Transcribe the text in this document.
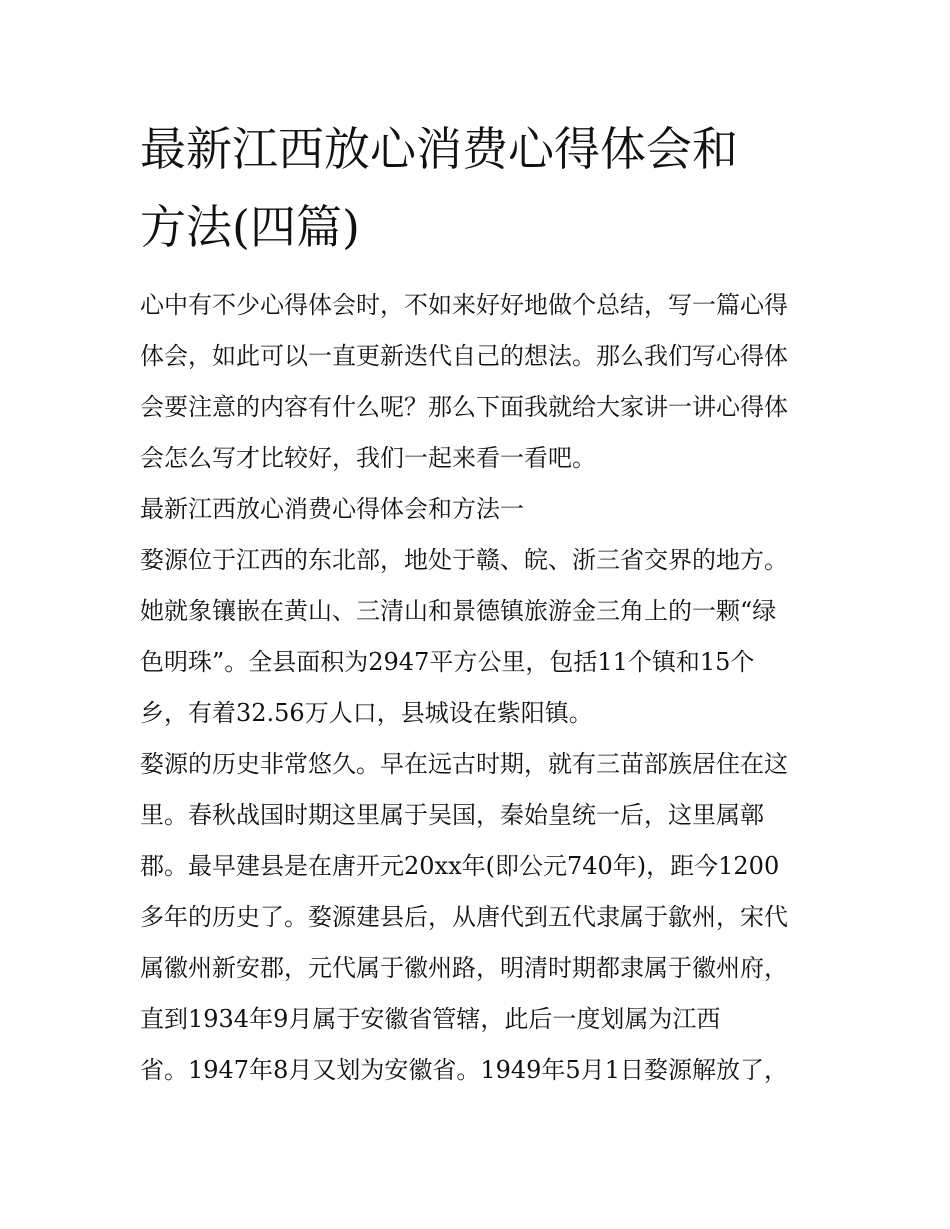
最新江西放心消费心得体会和
方法(四篇)
心中有不少心得体会时，不如来好好地做个总结，写一篇心得
体会，如此可以一直更新迭代自己的想法。那么我们写心得体
会要注意的内容有什么呢？那么下面我就给大家讲一讲心得体
会怎么写才比较好，我们一起来看一看吧。
最新江西放心消费心得体会和方法一
婺源位于江西的东北部，地处于赣、皖、浙三省交界的地方。
她就象镶嵌在黄山、三清山和景德镇旅游金三角上的一颗“绿
色明珠”。全县面积为2947平方公里，包括11个镇和15个
乡，有着32.56万人口，县城设在紫阳镇。
婺源的历史非常悠久。早在远古时期，就有三苗部族居住在这
里。春秋战国时期这里属于吴国，秦始皇统一后，这里属鄣
郡。最早建县是在唐开元20xx年(即公元740年)，距今1200
多年的历史了。婺源建县后，从唐代到五代隶属于歙州，宋代
属徽州新安郡，元代属于徽州路，明清时期都隶属于徽州府，
直到1934年9月属于安徽省管辖，此后一度划属为江西
省。1947年8月又划为安徽省。1949年5月1日婺源解放了，
